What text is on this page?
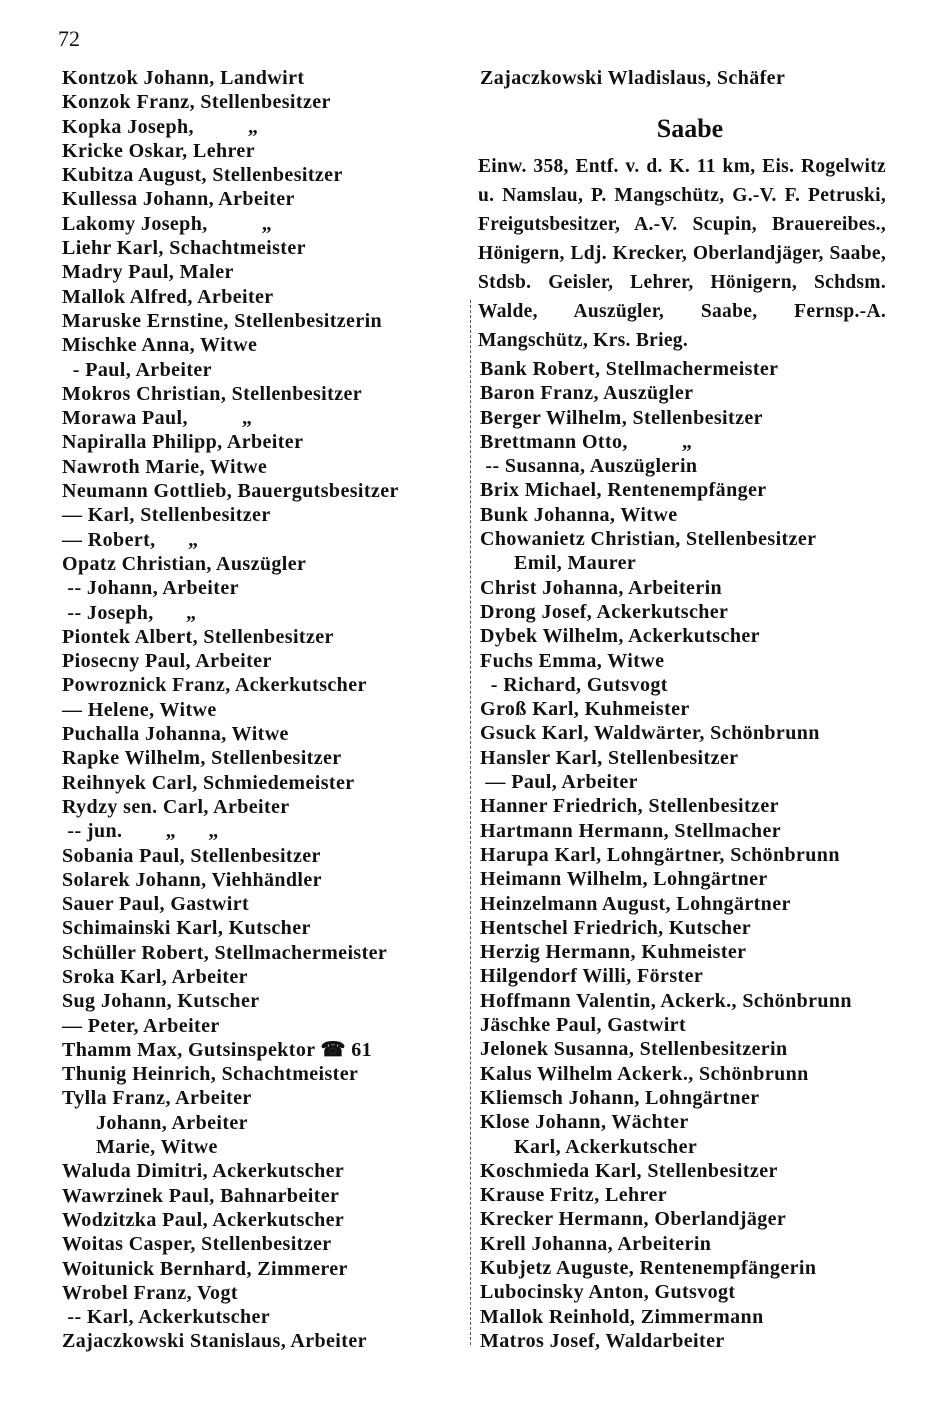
72
Kontzok Johann, Landwirt
Konzok Franz, Stellenbesitzer
Kopka Joseph,          „
Kricke Oskar, Lehrer
Kubitza August, Stellenbesitzer
Kullessa Johann, Arbeiter
Lakomy Joseph,          „
Liehr Karl, Schachtmeister
Madry Paul, Maler
Mallok Alfred, Arbeiter
Maruske Ernstine, Stellenbesitzerin
Mischke Anna, Witwe
- Paul, Arbeiter
Mokros Christian, Stellenbesitzer
Morawa Paul,          „
Napiralla Philipp, Arbeiter
Nawroth Marie, Witwe
Neumann Gottlieb, Bauergutsbesitzer
— Karl, Stellenbesitzer
— Robert,      „
Opatz Christian, Auszügler
-- Johann, Arbeiter
-- Joseph,      „
Piontek Albert, Stellenbesitzer
Piosecny Paul, Arbeiter
Powroznick Franz, Ackerkutscher
— Helene, Witwe
Puchalla Johanna, Witwe
Rapke Wilhelm, Stellenbesitzer
Reihnyek Carl, Schmiedemeister
Rydzy sen. Carl, Arbeiter
-- jun.        „      „
Sobania Paul, Stellenbesitzer
Solarek Johann, Viehhändler
Sauer Paul, Gastwirt
Schimainski Karl, Kutscher
Schüller Robert, Stellmachermeister
Sroka Karl, Arbeiter
Sug Johann, Kutscher
— Peter, Arbeiter
Thamm Max, Gutsinspektor ☎ 61
Thunig Heinrich, Schachtmeister
Tylla Franz, Arbeiter
Johann, Arbeiter
Marie, Witwe
Waluda Dimitri, Ackerkutscher
Wawrzinek Paul, Bahnarbeiter
Wodzitzka Paul, Ackerkutscher
Woitas Casper, Stellenbesitzer
Woitunick Bernhard, Zimmerer
Wrobel Franz, Vogt
-- Karl, Ackerkutscher
Zajaczkowski Stanislaus, Arbeiter
Zajaczkowski Wladislaus, Schäfer
Saabe
Einw. 358, Entf. v. d. K. 11 km, Eis. Rogelwitz u. Namslau, P. Mangschütz, G.-V. F. Petruski, Freigutsbesitzer, A.-V. Scupin, Brauereibes., Hönigern, Ldj. Krecker, Oberlandjäger, Saabe, Stdsb. Geisler, Lehrer, Hönigern, Schdsm. Walde, Auszügler, Saabe, Fernsp.-A. Mangschütz, Krs. Brieg.
Bank Robert, Stellmachermeister
Baron Franz, Auszügler
Berger Wilhelm, Stellenbesitzer
Brettmann Otto,          „
-- Susanna, Auszüglerin
Brix Michael, Rentenempfänger
Bunk Johanna, Witwe
Chowanietz Christian, Stellenbesitzer
Emil, Maurer
Christ Johanna, Arbeiterin
Drong Josef, Ackerkutscher
Dybek Wilhelm, Ackerkutscher
Fuchs Emma, Witwe
- Richard, Gutsvogt
Groß Karl, Kuhmeister
Gsuck Karl, Waldwärter, Schönbrunn
Hansler Karl, Stellenbesitzer
— Paul, Arbeiter
Hanner Friedrich, Stellenbesitzer
Hartmann Hermann, Stellmacher
Harupa Karl, Lohngärtner, Schönbrunn
Heimann Wilhelm, Lohngärtner
Heinzelmann August, Lohngärtner
Hentschel Friedrich, Kutscher
Herzig Hermann, Kuhmeister
Hilgendorf Willi, Förster
Hoffmann Valentin, Ackerk., Schönbrunn
Jäschke Paul, Gastwirt
Jelonek Susanna, Stellenbesitzerin
Kalus Wilhelm Ackerk., Schönbrunn
Kliemsch Johann, Lohngärtner
Klose Johann, Wächter
Karl, Ackerkutscher
Koschmieda Karl, Stellenbesitzer
Krause Fritz, Lehrer
Krecker Hermann, Oberlandjäger
Krell Johanna, Arbeiterin
Kubjetz Auguste, Rentenempfängerin
Lubocinsky Anton, Gutsvogt
Mallok Reinhold, Zimmermann
Matros Josef, Waldarbeiter
